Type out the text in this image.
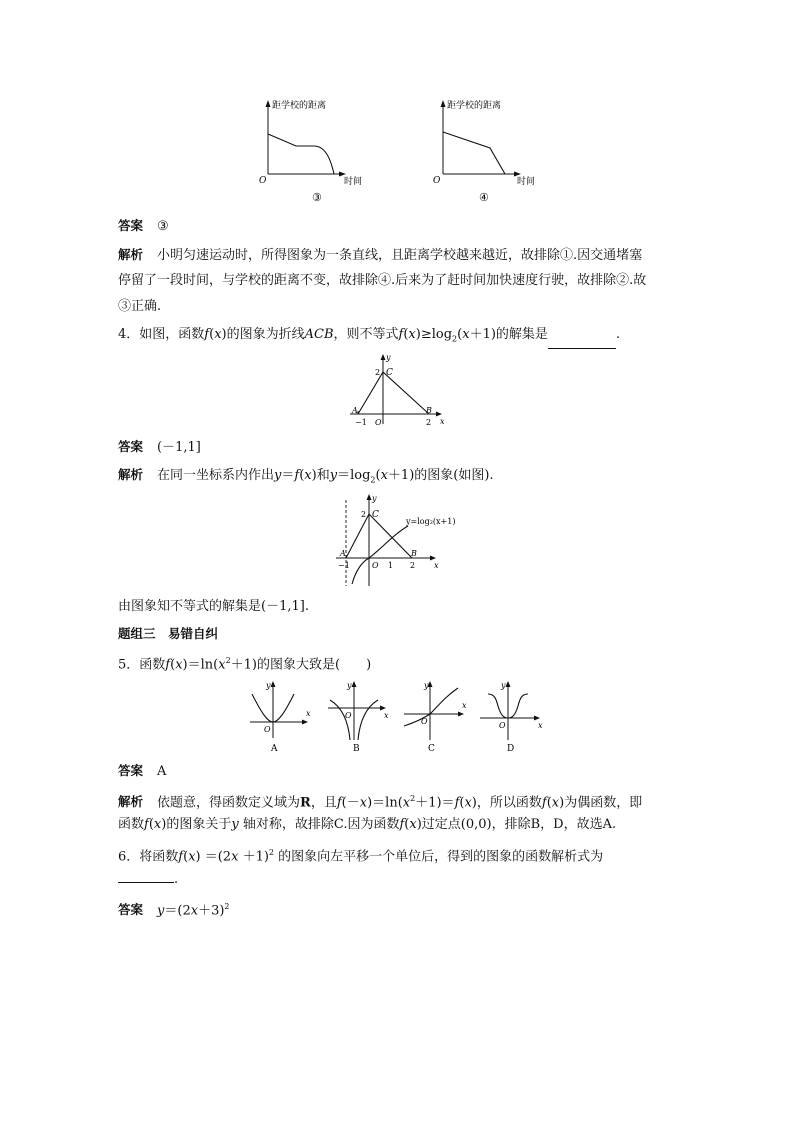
距学校的距离
O	时间
③
距学校的距离
O	时间
④
答案 ③
解析 小明匀速运动时，所得图象为一条直线，且距离学校越来越近，故排除①.因交通堵塞
停留了一段时间，与学校的距离不变，故排除④.后来为了赶时间加快速度行驶，故排除②.故
③正确.
4．如图，函数f(x)的图象为折线ACB，则不等式$f(x)\ge\log_2(x+1)$的解集是	.
y
x
2 C
A	B
−1 O	2
答案 (－1,1]
解析 在同一坐标系内作出y＝f(x)和$y=\log_2(x+1)$的图象(如图).
y
x
2 C
A	B
−1	O 1 2
y=log₂(x+1)
由图象知不等式的解集是(－1,1].
题组三　易错自纠
5．函数$f(x)=\ln(x^2+1)$的图象大致是(　　)
y
x
O
A
y
x
O
B
y
x
O
C
y
x
O
D
答案 A
解析 依题意，得函数定义域为R，且$f(-x)=\ln(x^2+1)=f(x)$，所以函数f(x)为偶函数，即
函数f(x)的图象关于y 轴对称，故排除C.因为函数f(x)过定点(0,0)，排除B，D，故选A.
6．将函数$f(x) =(2x +1)^2$ 的图象向左平移一个单位后，得到的图象的函数解析式为
.
答案 $y=(2x+3)^2$
